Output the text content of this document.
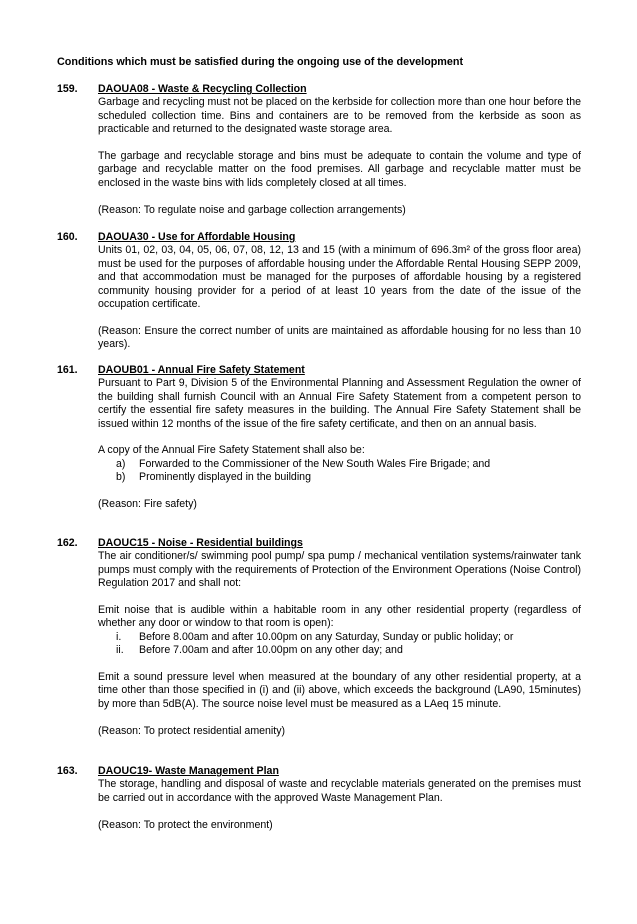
Conditions which must be satisfied during the ongoing use of the development
159.	DAOUA08 - Waste & Recycling Collection

Garbage and recycling must not be placed on the kerbside for collection more than one hour before the scheduled collection time. Bins and containers are to be removed from the kerbside as soon as practicable and returned to the designated waste storage area.

The garbage and recyclable storage and bins must be adequate to contain the volume and type of garbage and recyclable matter on the food premises. All garbage and recyclable matter must be enclosed in the waste bins with lids completely closed at all times.

(Reason: To regulate noise and garbage collection arrangements)

160.	DAOUA30 - Use for Affordable Housing

Units 01, 02, 03, 04, 05, 06, 07, 08, 12, 13 and 15 (with a minimum of 696.3m² of the gross floor area) must be used for the purposes of affordable housing under the Affordable Rental Housing SEPP 2009, and that accommodation must be managed for the purposes of affordable housing by a registered community housing provider for a period of at least 10 years from the date of the issue of the occupation certificate.

(Reason: Ensure the correct number of units are maintained as affordable housing for no less than 10 years).

161.	DAOUB01 - Annual Fire Safety Statement

Pursuant to Part 9, Division 5 of the Environmental Planning and Assessment Regulation the owner of the building shall furnish Council with an Annual Fire Safety Statement from a competent person to certify the essential fire safety measures in the building. The Annual Fire Safety Statement shall be issued within 12 months of the issue of the fire safety certificate, and then on an annual basis.

A copy of the Annual Fire Safety Statement shall also be:

a)	Forwarded to the Commissioner of the New South Wales Fire Brigade; and
b)	Prominently displayed in the building

(Reason: Fire safety)

162.	DAOUC15 - Noise - Residential buildings

The air conditioner/s/ swimming pool pump/ spa pump / mechanical ventilation systems/rainwater tank pumps must comply with the requirements of Protection of the Environment Operations (Noise Control) Regulation 2017 and shall not:

Emit noise that is audible within a habitable room in any other residential property (regardless of whether any door or window to that room is open):

i.	Before 8.00am and after 10.00pm on any Saturday, Sunday or public holiday; or
ii.	Before 7.00am and after 10.00pm on any other day; and

Emit a sound pressure level when measured at the boundary of any other residential property, at a time other than those specified in (i) and (ii) above, which exceeds the background (LA90, 15minutes) by more than 5dB(A). The source noise level must be measured as a LAeq 15 minute.

(Reason: To protect residential amenity)

163.	DAOUC19- Waste Management Plan

The storage, handling and disposal of waste and recyclable materials generated on the premises must be carried out in accordance with the approved Waste Management Plan.

(Reason: To protect the environment)
